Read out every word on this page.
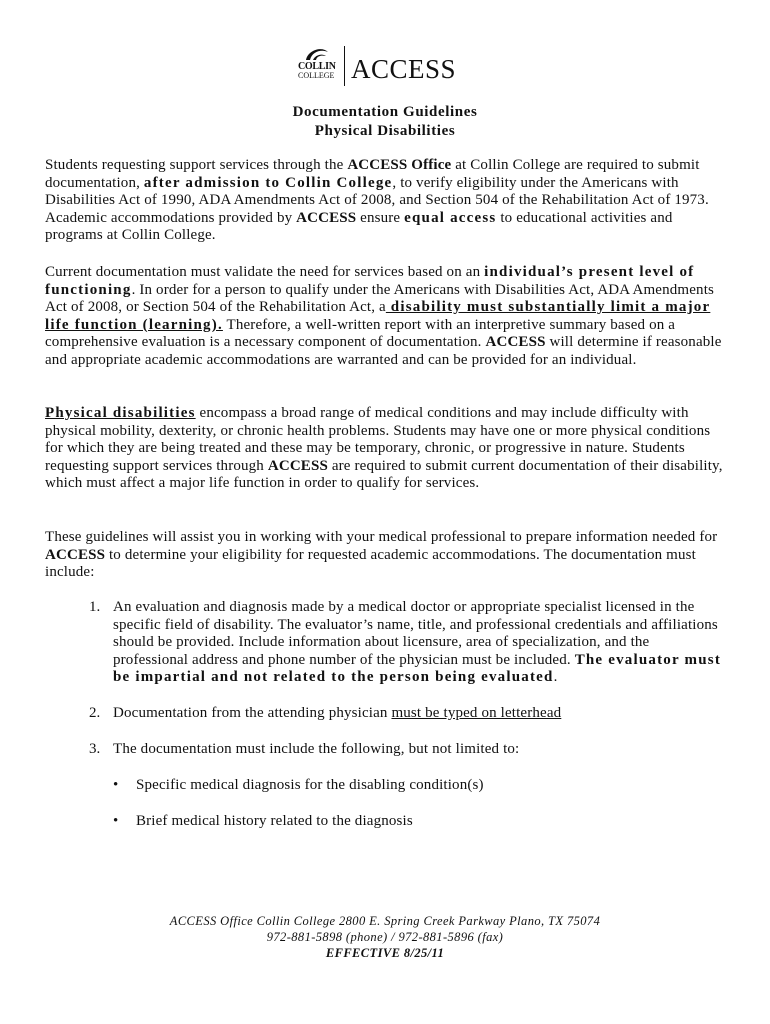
COLLIN
COLLEGE ACCESS
Documentation Guidelines
Physical Disabilities
Students requesting support services through the ACCESS Office at Collin College are required to submit documentation, after admission to Collin College, to verify eligibility under the Americans with Disabilities Act of 1990, ADA Amendments Act of 2008, and Section 504 of the Rehabilitation Act of 1973. Academic accommodations provided by ACCESS ensure equal access to educational activities and programs at Collin College.
Current documentation must validate the need for services based on an individual’s present level of functioning. In order for a person to qualify under the Americans with Disabilities Act, ADA Amendments Act of 2008, or Section 504 of the Rehabilitation Act, a disability must substantially limit a major life function (learning). Therefore, a well-written report with an interpretive summary based on a comprehensive evaluation is a necessary component of documentation. ACCESS will determine if reasonable and appropriate academic accommodations are warranted and can be provided for an individual.
Physical disabilities encompass a broad range of medical conditions and may include difficulty with physical mobility, dexterity, or chronic health problems. Students may have one or more physical conditions for which they are being treated and these may be temporary, chronic, or progressive in nature. Students requesting support services through ACCESS are required to submit current documentation of their disability, which must affect a major life function in order to qualify for services.
These guidelines will assist you in working with your medical professional to prepare information needed for ACCESS to determine your eligibility for requested academic accommodations. The documentation must include:
1. An evaluation and diagnosis made by a medical doctor or appropriate specialist licensed in the specific field of disability. The evaluator’s name, title, and professional credentials and affiliations should be provided. Include information about licensure, area of specialization, and the professional address and phone number of the physician must be included. The evaluator must be impartial and not related to the person being evaluated.
2. Documentation from the attending physician must be typed on letterhead
3. The documentation must include the following, but not limited to:
• Specific medical diagnosis for the disabling condition(s)
• Brief medical history related to the diagnosis
ACCESS Office Collin College 2800 E. Spring Creek Parkway Plano, TX 75074
972-881-5898 (phone) / 972-881-5896 (fax)
EFFECTIVE 8/25/11
